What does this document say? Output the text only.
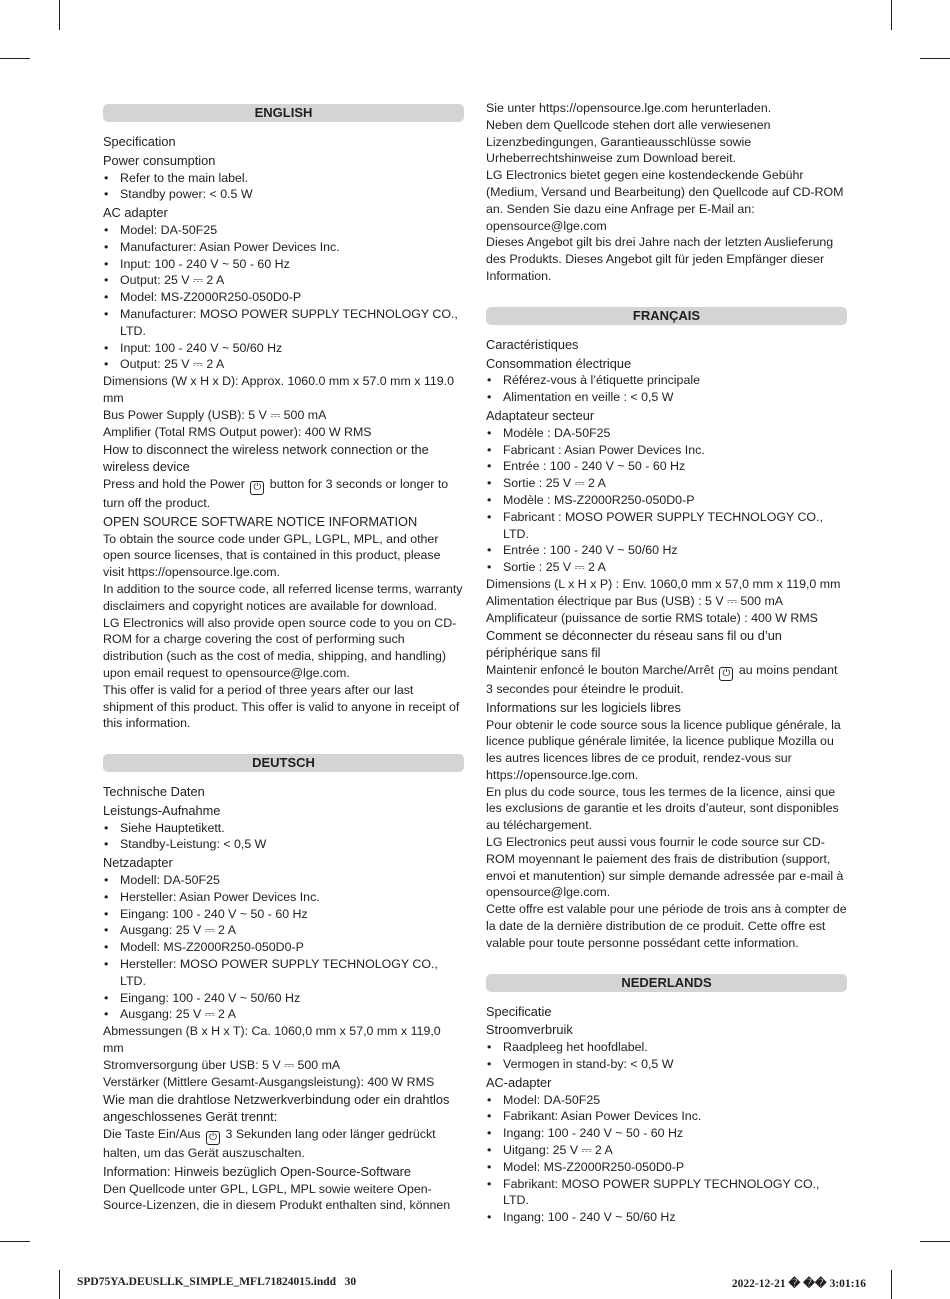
ENGLISH
Specification
Power consumption
• Refer to the main label.
• Standby power: < 0.5 W
AC adapter
• Model: DA-50F25
• Manufacturer: Asian Power Devices Inc.
• Input: 100 - 240 V ~ 50 - 60 Hz
• Output: 25 V ⎓ 2 A
• Model: MS-Z2000R250-050D0-P
• Manufacturer: MOSO POWER SUPPLY TECHNOLOGY CO., LTD.
• Input: 100 - 240 V ~ 50/60 Hz
• Output: 25 V ⎓ 2 A
Dimensions (W x H x D): Approx. 1060.0 mm x 57.0 mm x 119.0 mm
Bus Power Supply (USB): 5 V ⎓ 500 mA
Amplifier (Total RMS Output power): 400 W RMS
How to disconnect the wireless network connection or the wireless device
Press and hold the Power ⏻ button for 3 seconds or longer to turn off the product.
OPEN SOURCE SOFTWARE NOTICE INFORMATION
To obtain the source code under GPL, LGPL, MPL, and other open source licenses, that is contained in this product, please visit https://opensource.lge.com.
In addition to the source code, all referred license terms, warranty disclaimers and copyright notices are available for download.
LG Electronics will also provide open source code to you on CD-ROM for a charge covering the cost of performing such distribution (such as the cost of media, shipping, and handling) upon email request to opensource@lge.com.
This offer is valid for a period of three years after our last shipment of this product. This offer is valid to anyone in receipt of this information.
DEUTSCH
Technische Daten
Leistungs-Aufnahme
• Siehe Hauptetikett.
• Standby-Leistung: < 0,5 W
Netzadapter
• Modell: DA-50F25
• Hersteller: Asian Power Devices Inc.
• Eingang: 100 - 240 V ~ 50 - 60 Hz
• Ausgang: 25 V ⎓ 2 A
• Modell: MS-Z2000R250-050D0-P
• Hersteller: MOSO POWER SUPPLY TECHNOLOGY CO., LTD.
• Eingang: 100 - 240 V ~ 50/60 Hz
• Ausgang: 25 V ⎓ 2 A
Abmessungen (B x H x T): Ca. 1060,0 mm x 57,0 mm x 119,0 mm
Stromversorgung über USB: 5 V ⎓ 500 mA
Verstärker (Mittlere Gesamt-Ausgangsleistung): 400 W RMS
Wie man die drahtlose Netzwerkverbindung oder ein drahtlos angeschlossenes Gerät trennt:
Die Taste Ein/Aus ⏻ 3 Sekunden lang oder länger gedrückt halten, um das Gerät auszuschalten.
Information: Hinweis bezüglich Open-Source-Software
Den Quellcode unter GPL, LGPL, MPL sowie weitere Open-Source-Lizenzen, die in diesem Produkt enthalten sind, können
Sie unter https://opensource.lge.com herunterladen.
Neben dem Quellcode stehen dort alle verwiesenen Lizenzbedingungen, Garantieausschlüsse sowie Urheberrechtshinweise zum Download bereit.
LG Electronics bietet gegen eine kostendeckende Gebühr (Medium, Versand und Bearbeitung) den Quellcode auf CD-ROM an. Senden Sie dazu eine Anfrage per E-Mail an: opensource@lge.com
Dieses Angebot gilt bis drei Jahre nach der letzten Auslieferung des Produkts. Dieses Angebot gilt für jeden Empfänger dieser Information.
FRANÇAIS
Caractéristiques
Consommation électrique
• Référez-vous à l’étiquette principale
• Alimentation en veille : < 0,5 W
Adaptateur secteur
• Modèle : DA-50F25
• Fabricant : Asian Power Devices Inc.
• Entrée : 100 - 240 V ~ 50 - 60 Hz
• Sortie : 25 V ⎓ 2 A
• Modèle : MS-Z2000R250-050D0-P
• Fabricant : MOSO POWER SUPPLY TECHNOLOGY CO., LTD.
• Entrée : 100 - 240 V ~ 50/60 Hz
• Sortie : 25 V ⎓ 2 A
Dimensions (L x H x P) : Env. 1060,0 mm x 57,0 mm x 119,0 mm
Alimentation électrique par Bus (USB) : 5 V ⎓ 500 mA
Amplificateur (puissance de sortie RMS totale) : 400 W RMS
Comment se déconnecter du réseau sans fil ou d’un périphérique sans fil
Maintenir enfoncé le bouton Marche/Arrêt ⏻ au moins pendant 3 secondes pour éteindre le produit.
Informations sur les logiciels libres
Pour obtenir le code source sous la licence publique générale, la licence publique générale limitée, la licence publique Mozilla ou les autres licences libres de ce produit, rendez-vous sur https://opensource.lge.com.
En plus du code source, tous les termes de la licence, ainsi que les exclusions de garantie et les droits d’auteur, sont disponibles au téléchargement.
LG Electronics peut aussi vous fournir le code source sur CD-ROM moyennant le paiement des frais de distribution (support, envoi et manutention) sur simple demande adressée par e-mail à opensource@lge.com.
Cette offre est valable pour une période de trois ans à compter de la date de la dernière distribution de ce produit. Cette offre est valable pour toute personne possédant cette information.
NEDERLANDS
Specificatie
Stroomverbruik
• Raadpleeg het hoofdlabel.
• Vermogen in stand-by: < 0,5 W
AC-adapter
• Model: DA-50F25
• Fabrikant: Asian Power Devices Inc.
• Ingang: 100 - 240 V ~ 50 - 60 Hz
• Uitgang: 25 V ⎓ 2 A
• Model: MS-Z2000R250-050D0-P
• Fabrikant: MOSO POWER SUPPLY TECHNOLOGY CO., LTD.
• Ingang: 100 - 240 V ~ 50/60 Hz
SPD75YA.DEUSLLK_SIMPLE_MFL71824015.indd   30	2022-12-21 � �� 3:01:16
